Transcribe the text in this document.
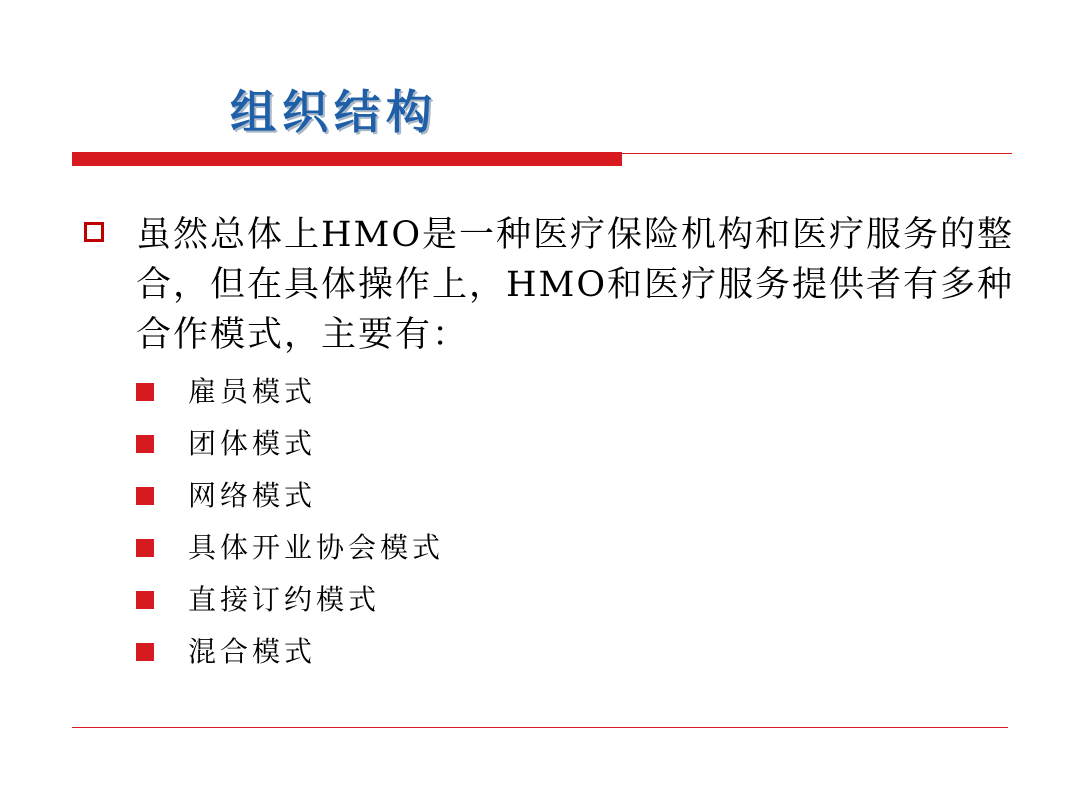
组织结构
虽然总体上HMO是一种医疗保险机构和医疗服务的整合，但在具体操作上，HMO和医疗服务提供者有多种合作模式，主要有：
雇员模式
团体模式
网络模式
具体开业协会模式
直接订约模式
混合模式
